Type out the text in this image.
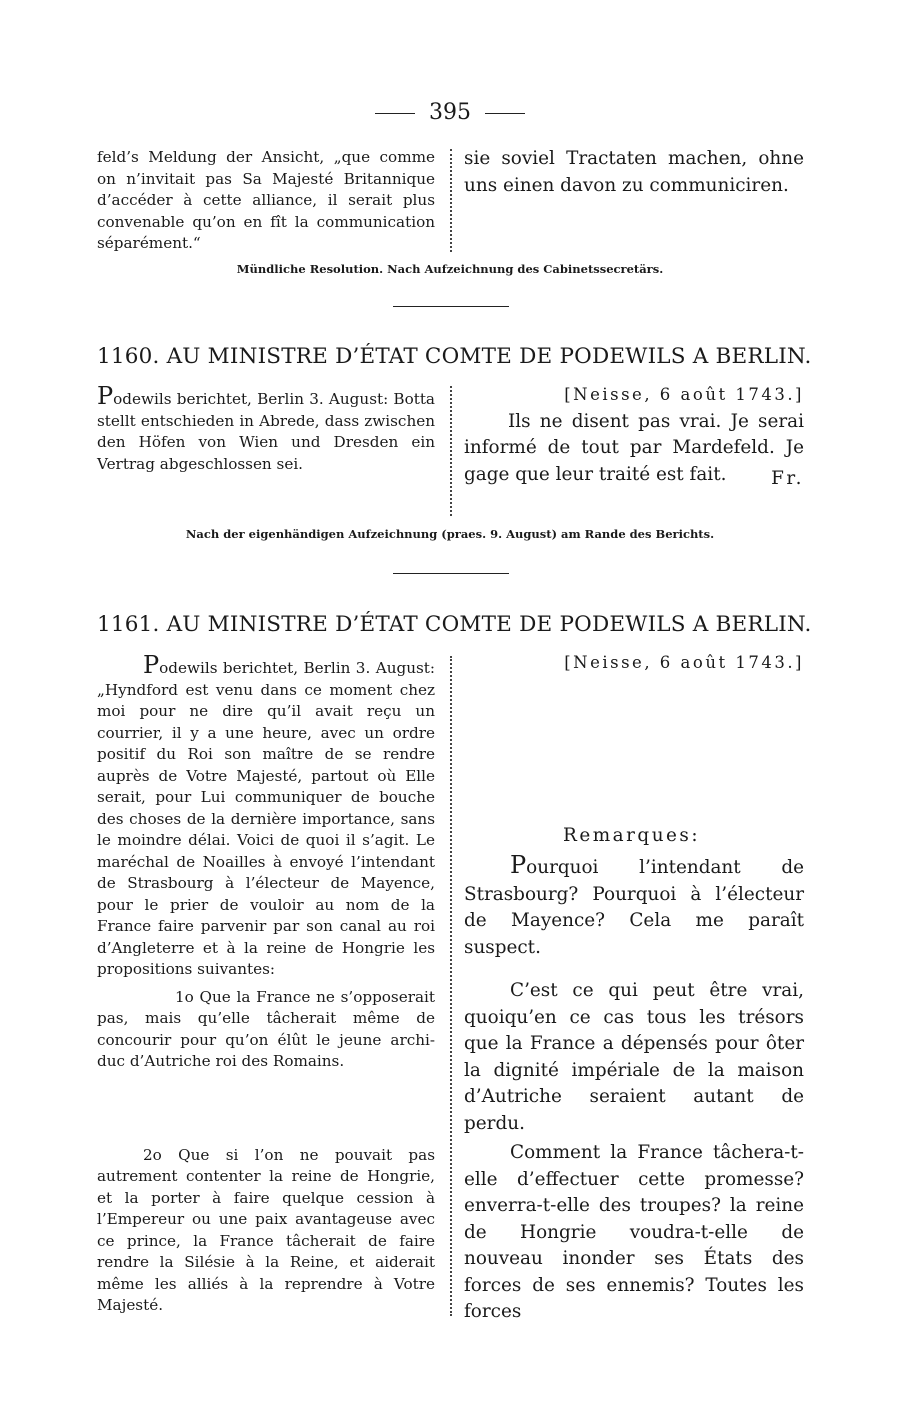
395

feld’s Meldung der Ansicht, „que comme on n’invitait pas Sa Majesté Britannique d’accéder à cette alliance, il serait plus convenable qu’on en fît la communication séparément.“

sie soviel Tractaten machen, ohne uns einen davon zu communiciren.

Mündliche Resolution. Nach Aufzeichnung des Cabinetssecretärs.
1160. AU MINISTRE D’ÉTAT COMTE DE PODEWILS A BERLIN.

Podewils berichtet, Berlin 3. August: Botta stellt entschieden in Abrede, dass zwischen den Höfen von Wien und Dresden ein Vertrag abgeschlossen sei.

[Neisse, 6 août 1743.]

Ils ne disent pas vrai. Je serai informé de tout par Mardefeld. Je gage que leur traité est fait.	Fr.
Nach der eigenhändigen Aufzeichnung (praes. 9. August) am Rande des Berichts.
1161. AU MINISTRE D’ÉTAT COMTE DE PODEWILS A BERLIN.

Podewils berichtet, Berlin 3. August: „Hyndford est venu dans ce moment chez moi pour ne dire qu’il avait reçu un courrier, il y a une heure, avec un ordre positif du Roi son maître de se rendre auprès de Votre Majesté, partout où Elle serait, pour Lui communiquer de bouche des choses de la dernière importance, sans le moindre délai. Voici de quoi il s’agit. Le maréchal de Noailles à envoyé l’intendant de Strasbourg à l’électeur de Mayence, pour le prier de vouloir au nom de la France faire parvenir par son canal au roi d’Angleterre et à la reine de Hongrie les propositions suivantes:

1o Que la France ne s’opposerait pas, mais qu’elle tâcherait même de concourir pour qu’on élût le jeune archi-duc d’Autriche roi des Romains.

2o Que si l’on ne pouvait pas autrement contenter la reine de Hongrie, et la porter à faire quelque cession à l’Empereur ou une paix avantageuse avec ce prince, la France tâcherait de faire rendre la Silésie à la Reine, et aiderait même les alliés à la reprendre à Votre Majesté.

[Neisse, 6 août 1743.]
Remarques:

Pourquoi l’intendant de Strasbourg? Pourquoi à l’électeur de Mayence? Cela me paraît suspect.

C’est ce qui peut être vrai, quoiqu’en ce cas tous les trésors que la France a dépensés pour ôter la dignité impériale de la maison d’Autriche seraient autant de perdu.

Comment la France tâchera-t-elle d’effectuer cette promesse? enverra-t-elle des troupes? la reine de Hongrie voudra-t-elle de nouveau inonder ses États des forces de ses ennemis? Toutes les forces
